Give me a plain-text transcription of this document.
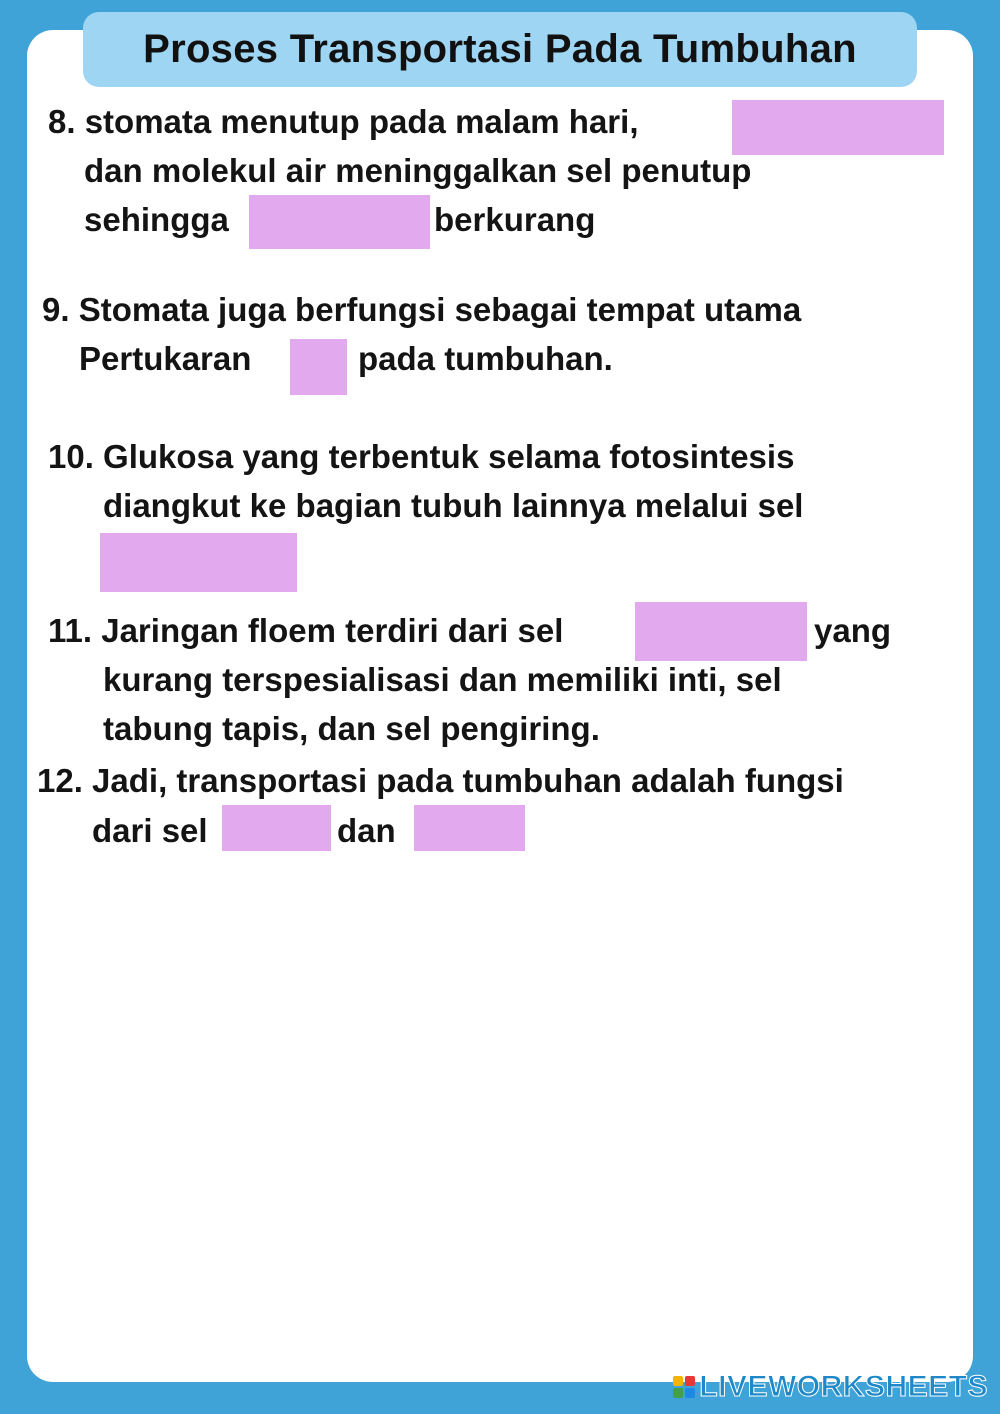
Proses Transportasi Pada Tumbuhan
8. stomata menutup pada malam hari,
dan molekul air meninggalkan sel penutup
sehingga	berkurang
9. Stomata juga berfungsi sebagai tempat utama
Pertukaran	pada tumbuhan.
10. Glukosa yang terbentuk selama fotosintesis
diangkut ke bagian tubuh lainnya melalui sel
11. Jaringan floem terdiri dari sel	yang
kurang terspesialisasi dan memiliki inti, sel
tabung tapis, dan sel pengiring.
12. Jadi, transportasi pada tumbuhan adalah fungsi
dari sel	dan
LIVEWORKSHEETS
